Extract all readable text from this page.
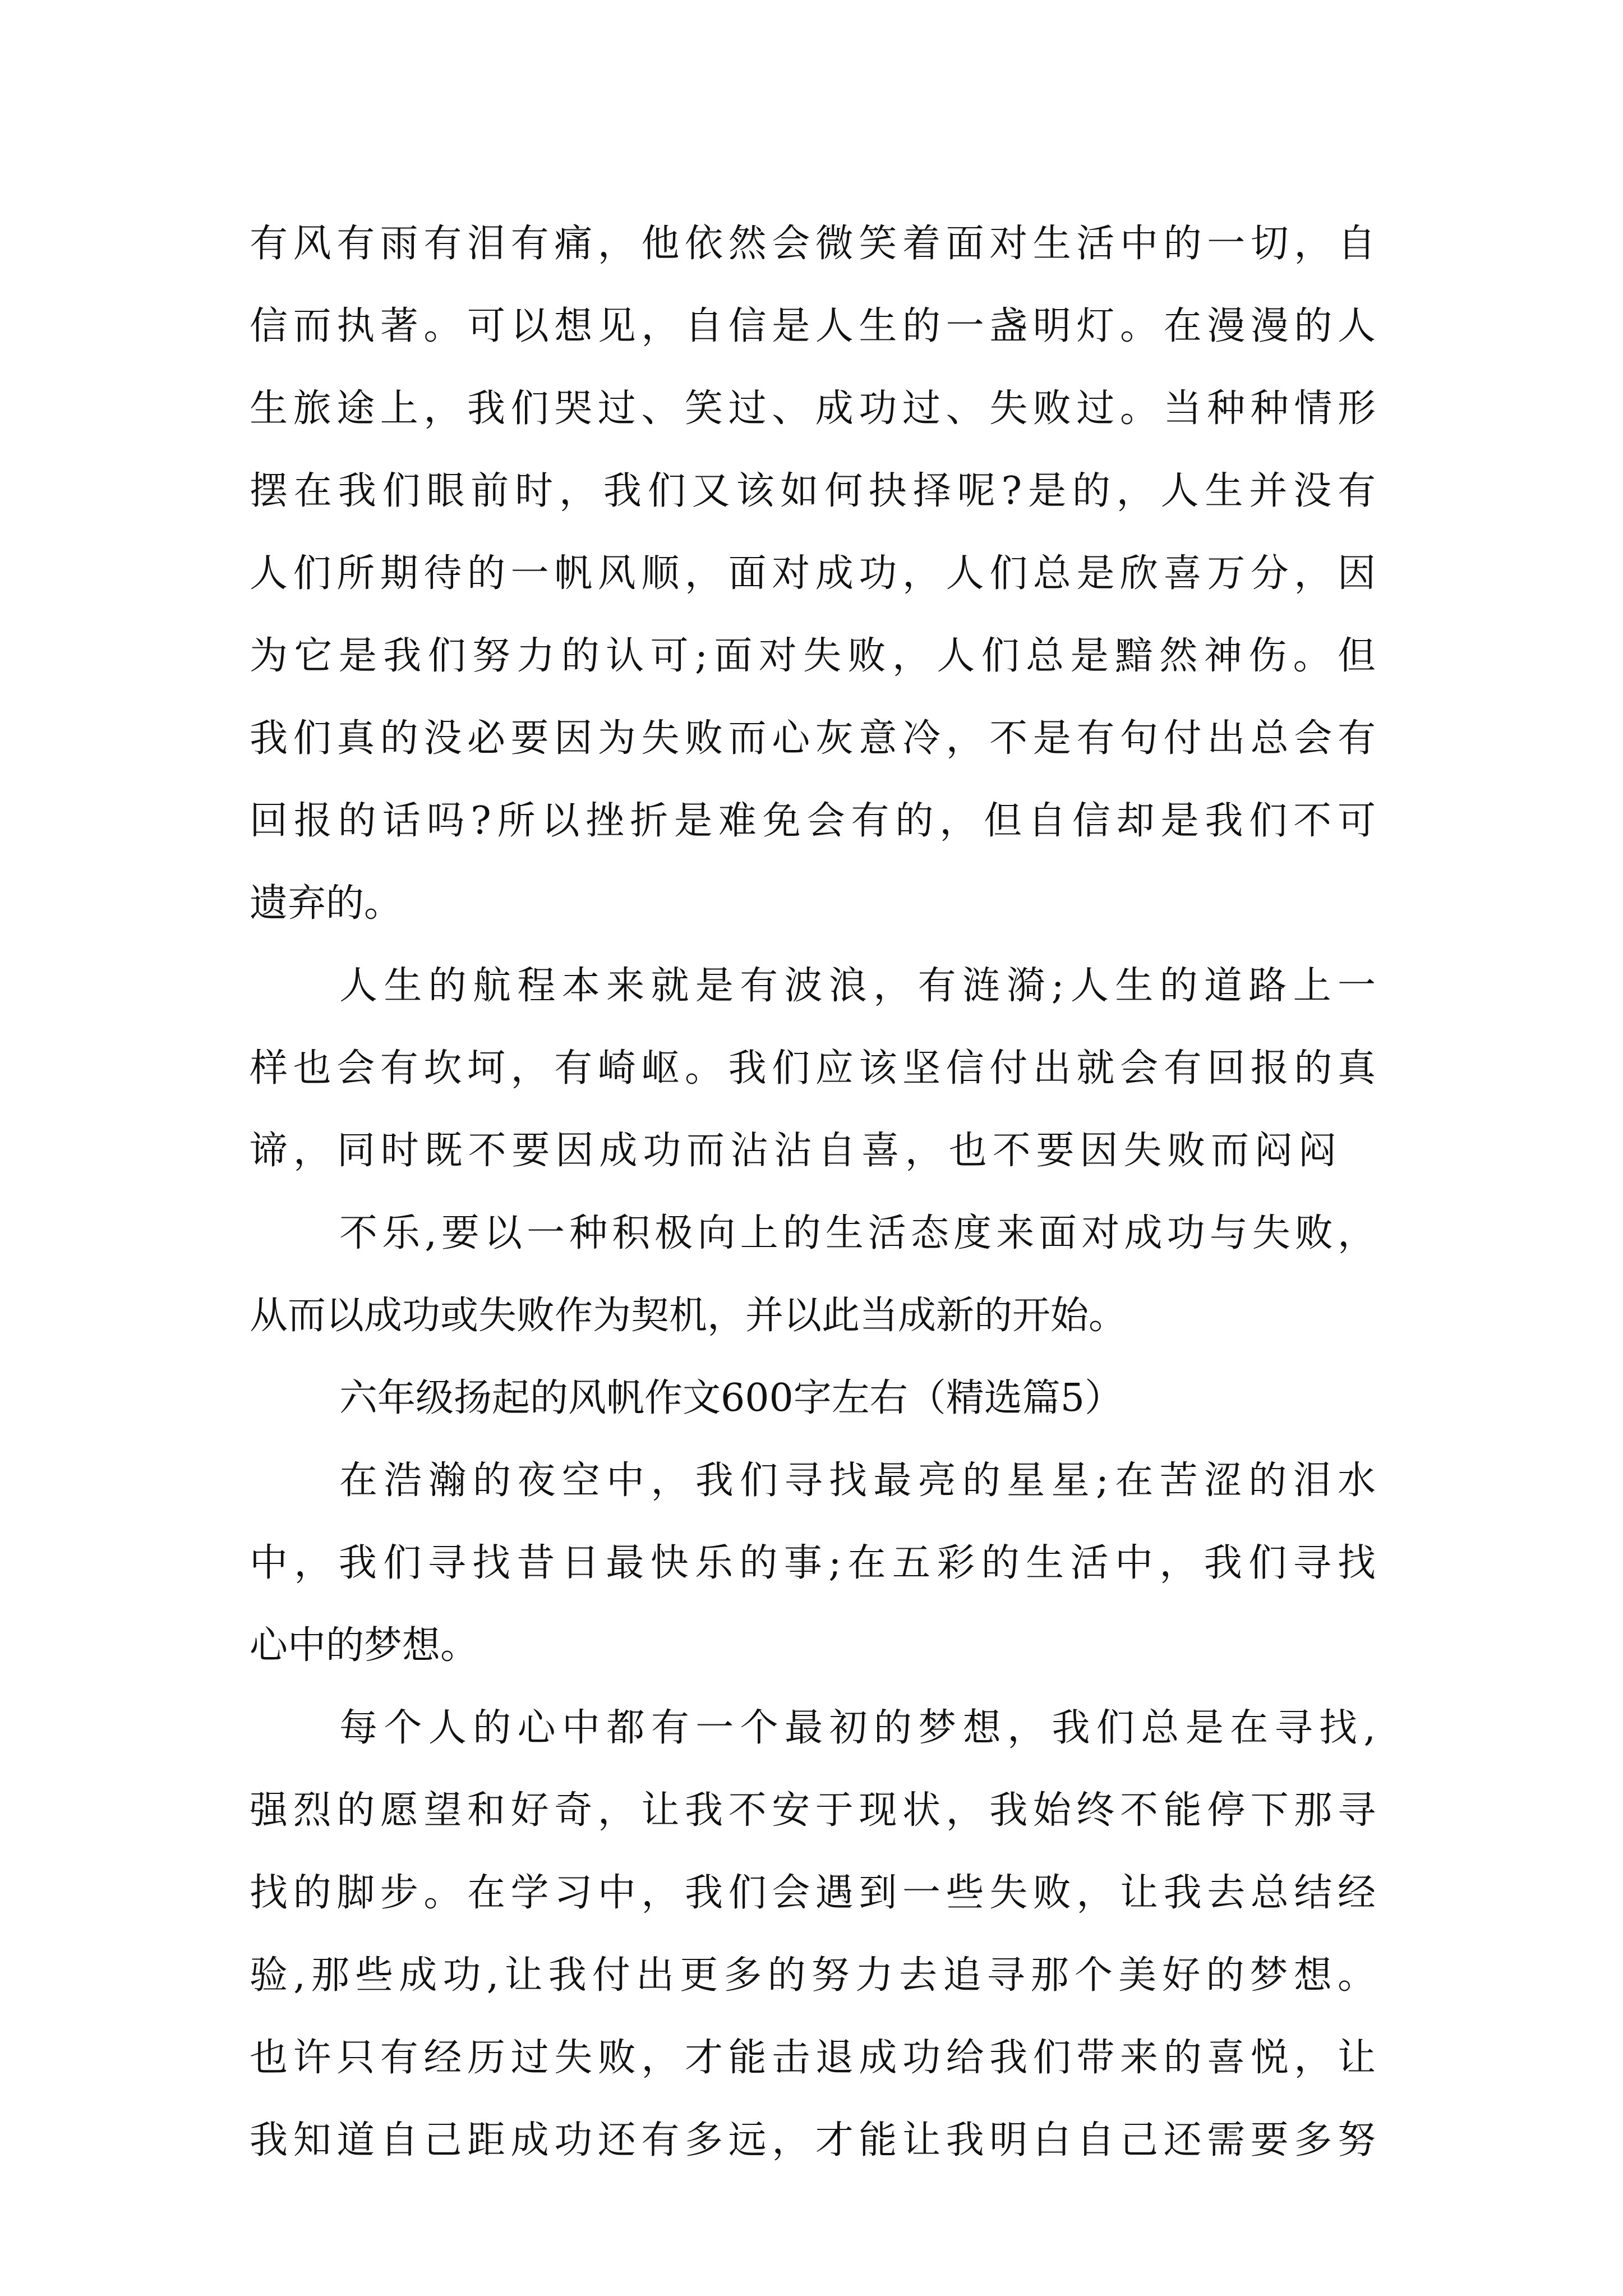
有风有雨有泪有痛，他依然会微笑着面对生活中的一切，自
信而执著。可以想见，自信是人生的一盏明灯。在漫漫的人
生旅途上，我们哭过、笑过、成功过、失败过。当种种情形
摆在我们眼前时，我们又该如何抉择呢?是的，人生并没有
人们所期待的一帆风顺，面对成功，人们总是欣喜万分，因
为它是我们努力的认可;面对失败，人们总是黯然神伤。但
我们真的没必要因为失败而心灰意冷，不是有句付出总会有
回报的话吗?所以挫折是难免会有的，但自信却是我们不可
遗弃的。
人生的航程本来就是有波浪，有涟漪;人生的道路上一
样也会有坎坷，有崎岖。我们应该坚信付出就会有回报的真
谛，同时既不要因成功而沾沾自喜，也不要因失败而闷闷
不乐,要以一种积极向上的生活态度来面对成功与失败，
从而以成功或失败作为契机，并以此当成新的开始。
六年级扬起的风帆作文600字左右（精选篇5）
在浩瀚的夜空中，我们寻找最亮的星星;在苦涩的泪水
中，我们寻找昔日最快乐的事;在五彩的生活中，我们寻找
心中的梦想。
每个人的心中都有一个最初的梦想，我们总是在寻找,
强烈的愿望和好奇，让我不安于现状，我始终不能停下那寻
找的脚步。在学习中，我们会遇到一些失败，让我去总结经
验,那些成功,让我付出更多的努力去追寻那个美好的梦想。
也许只有经历过失败，才能击退成功给我们带来的喜悦，让
我知道自己距成功还有多远，才能让我明白自己还需要多努
